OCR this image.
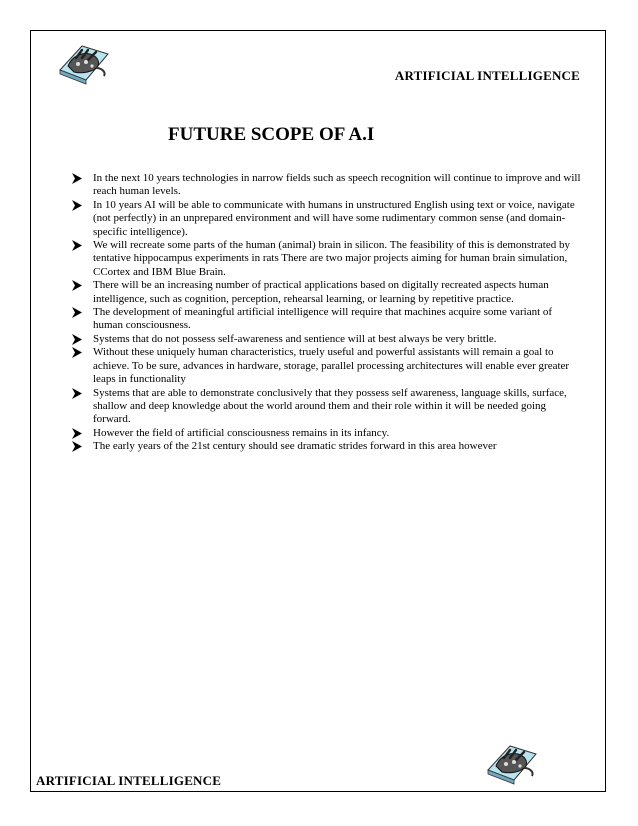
ARTIFICIAL INTELLIGENCE
FUTURE SCOPE OF A.I
In the next 10 years technologies in narrow fields such as speech recognition will continue to improve and will reach human levels.
In 10 years AI will be able to communicate with humans in unstructured English using text or voice, navigate (not perfectly) in an unprepared environment and will have some rudimentary common sense (and domain-specific intelligence).
We will recreate some parts of the human (animal) brain in silicon. The feasibility of this is demonstrated by tentative hippocampus experiments in rats There are two major projects aiming for human brain simulation, CCortex and IBM Blue Brain.
There will be an increasing number of practical applications based on digitally recreated aspects human intelligence, such as cognition, perception, rehearsal learning, or learning by repetitive practice.
The development of meaningful artificial intelligence will require that machines acquire some variant of human consciousness.
Systems that do not possess self-awareness and sentience will at best always be very brittle.
Without these uniquely human characteristics, truely useful and powerful assistants will remain a goal to achieve. To be sure, advances in hardware, storage, parallel processing architectures will enable ever greater leaps in functionality
Systems that are able to demonstrate conclusively that they possess self awareness, language skills, surface, shallow and deep knowledge about the world around them and their role within it will be needed going forward.
However the field of artificial consciousness remains in its infancy.
The early years of the 21st century should see dramatic strides forward in this area however
ARTIFICIAL INTELLIGENCE
